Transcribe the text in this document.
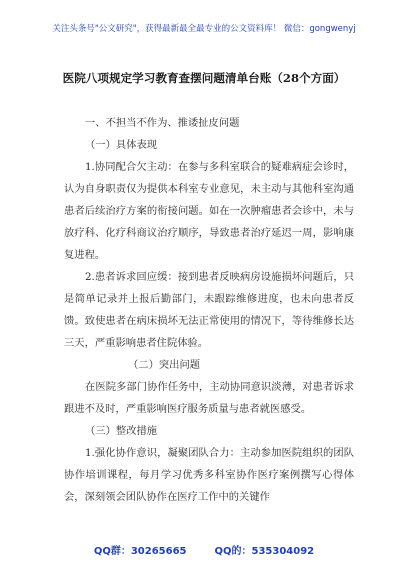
关注头条号"公文研究"，获得最新最全最专业的公文资料库！ 微信：gongwenyj
医院八项规定学习教育查摆问题清单台账（28个方面）

一、不担当不作为、推诿扯皮问题

（一）具体表现

1.协同配合欠主动：在参与多科室联合的疑难病症会诊时，认为自身职责仅为提供本科室专业意见，未主动与其他科室沟通患者后续治疗方案的衔接问题。如在一次肿瘤患者会诊中，未与放疗科、化疗科商议治疗顺序，导致患者治疗延迟一周，影响康复进程。

2.患者诉求回应缓：接到患者反映病房设施损坏问题后，只是简单记录并上报后勤部门，未跟踪维修进度，也未向患者反馈。致使患者在病床损坏无法正常使用的情况下，等待维修长达三天，严重影响患者住院体验。

（二）突出问题

在医院多部门协作任务中，主动协同意识淡薄，对患者诉求跟进不及时，严重影响医疗服务质量与患者就医感受。

（三）整改措施

1.强化协作意识，凝聚团队合力：主动参加医院组织的团队协作培训课程，每月学习优秀多科室协作医疗案例撰写心得体会，深刻领会团队协作在医疗工作中的关键作

QQ群：30265665	QQ的：535304092
